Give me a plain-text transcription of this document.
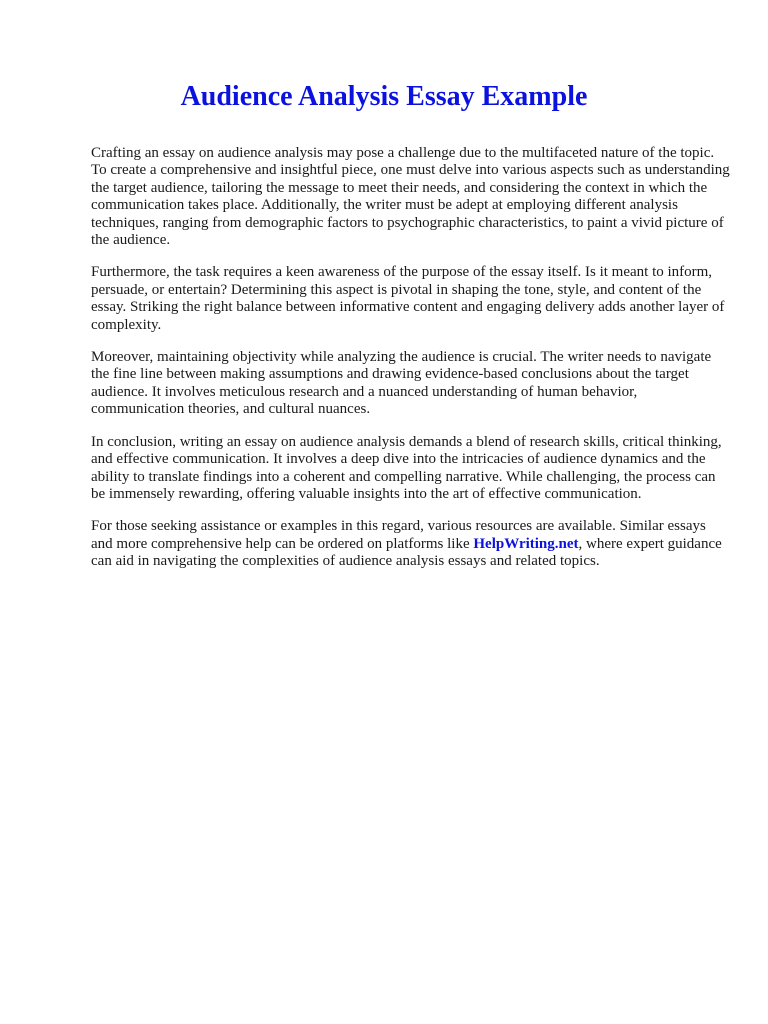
Audience Analysis Essay Example

Crafting an essay on audience analysis may pose a challenge due to the multifaceted nature of the topic. To create a comprehensive and insightful piece, one must delve into various aspects such as understanding the target audience, tailoring the message to meet their needs, and considering the context in which the communication takes place. Additionally, the writer must be adept at employing different analysis techniques, ranging from demographic factors to psychographic characteristics, to paint a vivid picture of the audience.

Furthermore, the task requires a keen awareness of the purpose of the essay itself. Is it meant to inform, persuade, or entertain? Determining this aspect is pivotal in shaping the tone, style, and content of the essay. Striking the right balance between informative content and engaging delivery adds another layer of complexity.

Moreover, maintaining objectivity while analyzing the audience is crucial. The writer needs to navigate the fine line between making assumptions and drawing evidence-based conclusions about the target audience. It involves meticulous research and a nuanced understanding of human behavior, communication theories, and cultural nuances.

In conclusion, writing an essay on audience analysis demands a blend of research skills, critical thinking, and effective communication. It involves a deep dive into the intricacies of audience dynamics and the ability to translate findings into a coherent and compelling narrative. While challenging, the process can be immensely rewarding, offering valuable insights into the art of effective communication.

For those seeking assistance or examples in this regard, various resources are available. Similar essays and more comprehensive help can be ordered on platforms like HelpWriting.net, where expert guidance can aid in navigating the complexities of audience analysis essays and related topics.
